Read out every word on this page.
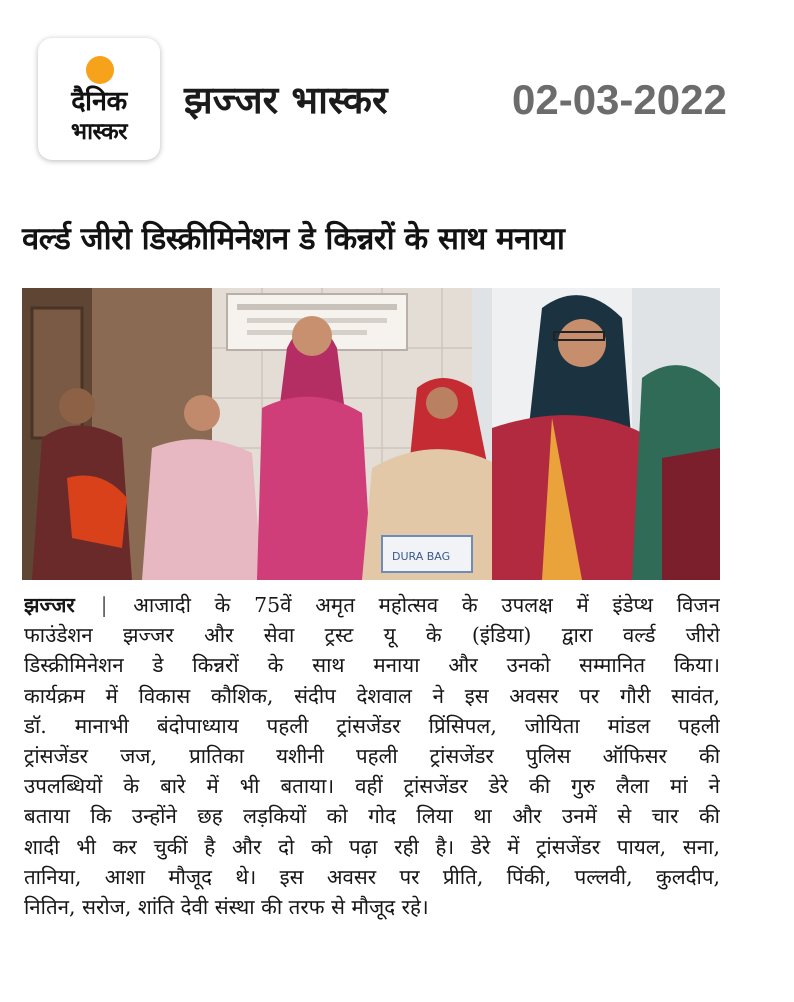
दैनिक
भास्कर
झज्जर भास्कर	02-03-2022
वर्ल्ड जीरो डिस्क्रीमिनेशन डे किन्नरों के साथ मनाया
DURA BAG
झज्जर | आजादी के 75वें अमृत महोत्सव के उपलक्ष में इंडेप्थ विजन
फाउंडेशन झज्जर और सेवा ट्रस्ट यू के (इंडिया) द्वारा वर्ल्ड जीरो
डिस्क्रीमिनेशन डे किन्नरों के साथ मनाया और उनको सम्मानित किया।
कार्यक्रम में विकास कौशिक, संदीप देशवाल ने इस अवसर पर गौरी सावंत,
डॉ. मानाभी बंदोपाध्याय पहली ट्रांसजेंडर प्रिंसिपल, जोयिता मांडल पहली
ट्रांसजेंडर जज, प्रातिका यशीनी पहली ट्रांसजेंडर पुलिस ऑफिसर की
उपलब्धियों के बारे में भी बताया। वहीं ट्रांसजेंडर डेरे की गुरु लैला मां ने
बताया कि उन्होंने छह लड़कियों को गोद लिया था और उनमें से चार की
शादी भी कर चुकीं है और दो को पढ़ा रही है। डेरे में ट्रांसजेंडर पायल, सना,
तानिया, आशा मौजूद थे। इस अवसर पर प्रीति, पिंकी, पल्लवी, कुलदीप,
नितिन, सरोज, शांति देवी संस्था की तरफ से मौजूद रहे।
